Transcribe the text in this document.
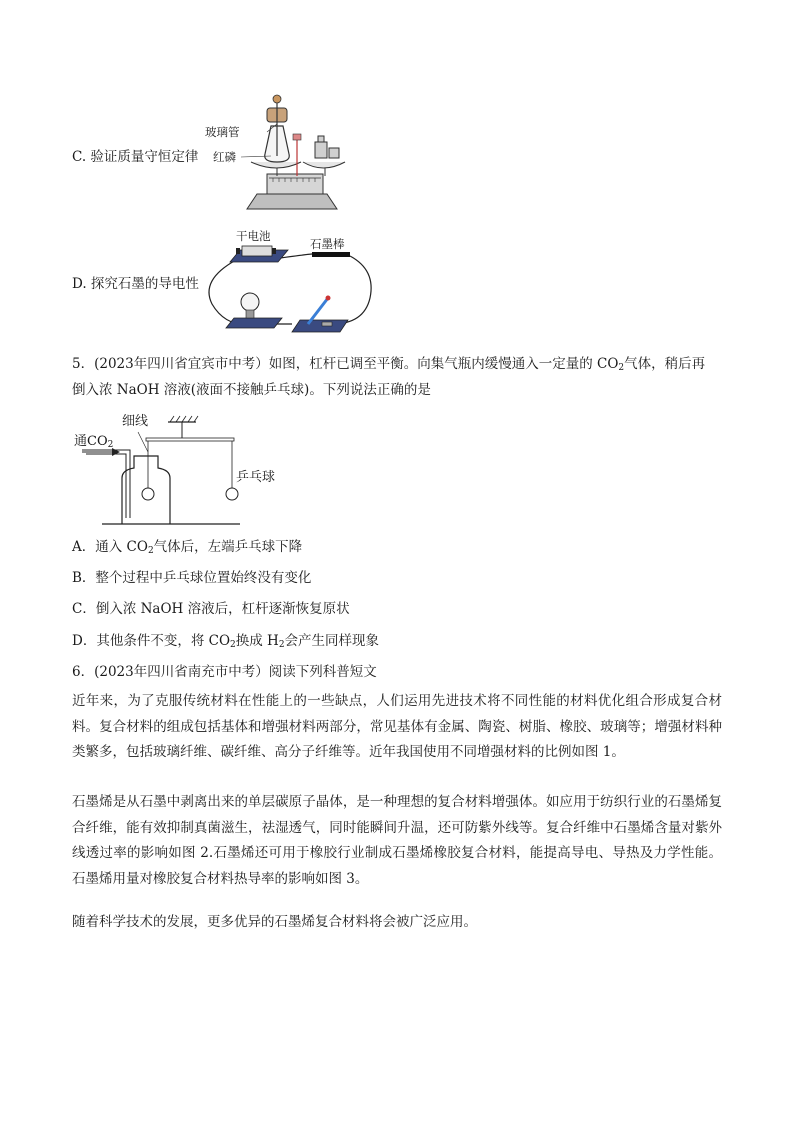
C. 验证质量守恒定律
玻璃管
红磷
D. 探究石墨的导电性
干电池
石墨棒
5．(2023年四川省宜宾市中考）如图，杠杆已调至平衡。向集气瓶内缓慢通入一定量的 $CO_2$气体，稍后再
倒入浓 NaOH 溶液(液面不接触乒乓球)。下列说法正确的是
通$CO_2$
细线
乒乓球
A．通入 $CO_2$气体后，左端乒乓球下降
B．整个过程中乒乓球位置始终没有变化
C．倒入浓 NaOH 溶液后，杠杆逐渐恢复原状
D．其他条件不变，将 $CO_2$换成 $H_2$会产生同样现象
6．(2023年四川省南充市中考）阅读下列科普短文
近年来，为了克服传统材料在性能上的一些缺点，人们运用先进技术将不同性能的材料优化组合形成复合材料。复合材料的组成包括基体和增强材料两部分，常见基体有金属、陶瓷、树脂、橡胶、玻璃等；增强材料种类繁多，包括玻璃纤维、碳纤维、高分子纤维等。近年我国使用不同增强材料的比例如图 1。
石墨烯是从石墨中剥离出来的单层碳原子晶体，是一种理想的复合材料增强体。如应用于纺织行业的石墨烯复合纤维，能有效抑制真菌滋生，祛湿透气，同时能瞬间升温，还可防紫外线等。复合纤维中石墨烯含量对紫外线透过率的影响如图 2.石墨烯还可用于橡胶行业制成石墨烯橡胶复合材料，能提高导电、导热及力学性能。石墨烯用量对橡胶复合材料热导率的影响如图 3。
随着科学技术的发展，更多优异的石墨烯复合材料将会被广泛应用。
